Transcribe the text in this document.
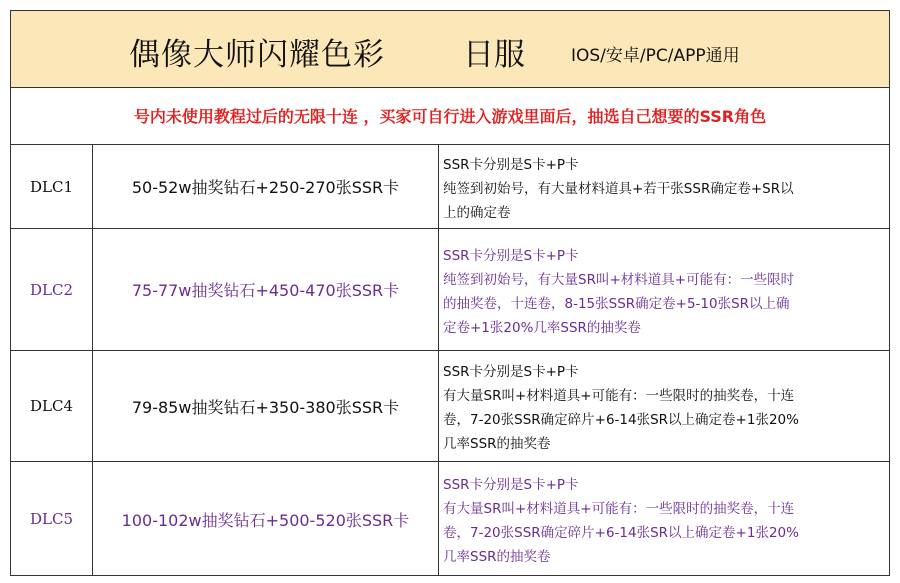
偶像大师闪耀色彩	日服	IOS/安卓/PC/APP通用
号内未使用教程过后的无限十连 ，买家可自行进入游戏里面后，抽选自己想要的SSR角色
DLC1	50-52w抽奖钻石+250-270张SSR卡
SSR卡分别是S卡+P卡
纯签到初始号，有大量材料道具+若干张SSR确定卷+SR以
上的确定卷
DLC2	75-77w抽奖钻石+450-470张SSR卡
SSR卡分别是S卡+P卡
纯签到初始号，有大量SR叫+材料道具+可能有：一些限时
的抽奖卷，十连卷，8-15张SSR确定卷+5-10张SR以上确
定卷+1张20%几率SSR的抽奖卷
DLC4	79-85w抽奖钻石+350-380张SSR卡
SSR卡分别是S卡+P卡
有大量SR叫+材料道具+可能有：一些限时的抽奖卷，十连
卷，7-20张SSR确定碎片+6-14张SR以上确定卷+1张20%
几率SSR的抽奖卷
DLC5	100-102w抽奖钻石+500-520张SSR卡
SSR卡分别是S卡+P卡
有大量SR叫+材料道具+可能有：一些限时的抽奖卷，十连
卷，7-20张SSR确定碎片+6-14张SR以上确定卷+1张20%
几率SSR的抽奖卷
